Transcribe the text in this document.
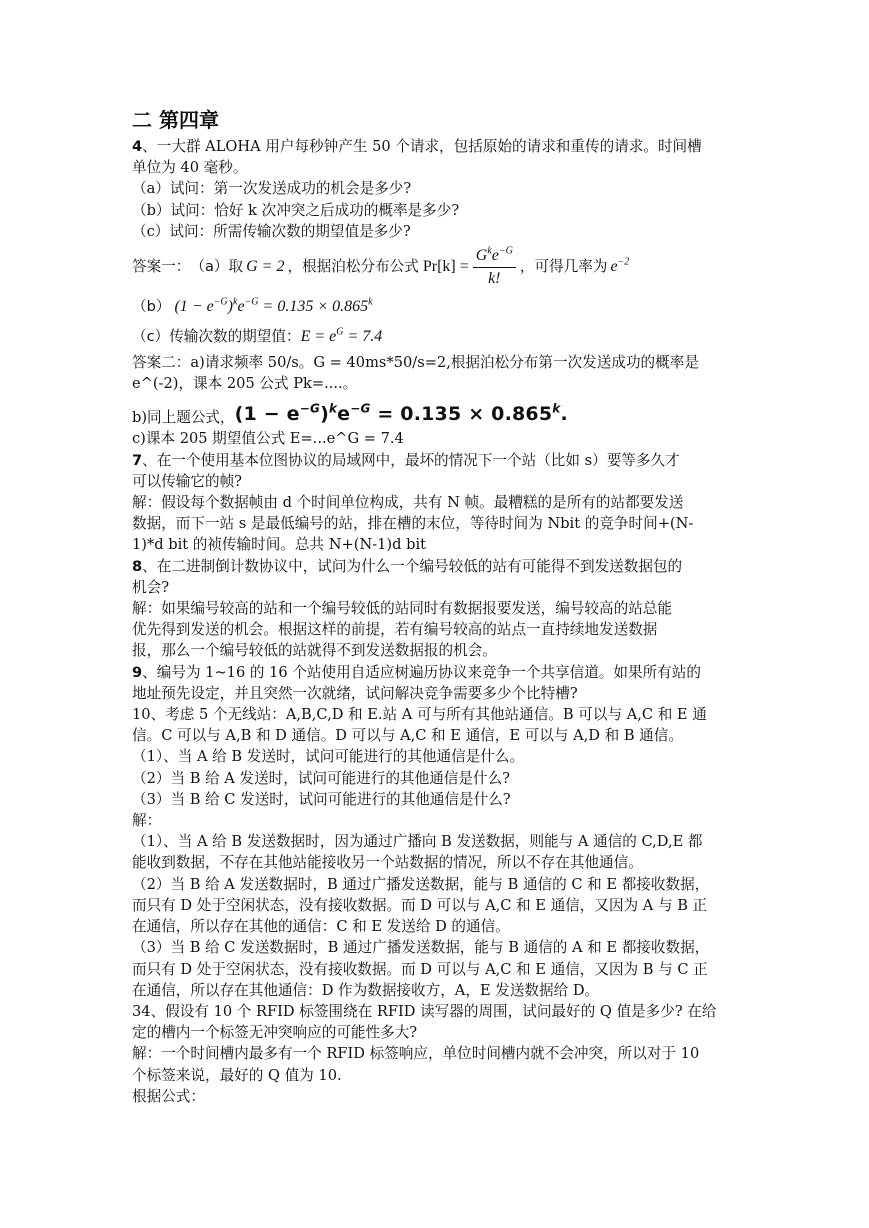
二 第四章

4、一大群 ALOHA 用户每秒钟产生 50 个请求，包括原始的请求和重传的请求。时间槽

单位为 40 毫秒。

（a）试问：第一次发送成功的机会是多少?

（b）试问：恰好 k 次冲突之后成功的概率是多少?

（c）试问：所需传输次数的期望值是多少?

答案一： （a）取 G = 2 ，根据泊松分布公式 $Pr[k] = \frac{G^ke^{-G}}{k!}$ ，可得几率为 $e^{-2}$
（b） $(1 - e^{-G})^ke^{-G} = 0.135 \times 0.865^k$
（c）传输次数的期望值： $E = e^G = 7.4$

答案二：a)请求频率 50/s。G = 40ms*50/s=2,根据泊松分布第一次发送成功的概率是

e^(-2)，课本 205 公式 Pk=....。

b)同上题公式， $(1 - e^{-G})^ke^{-G} = 0.135 \times 0.865^k$.

c)课本 205 期望值公式 E=...e^G = 7.4

7、在一个使用基本位图协议的局域网中，最坏的情况下一个站（比如 s）要等多久才

可以传输它的帧?

解：假设每个数据帧由 d 个时间单位构成，共有 N 帧。最糟糕的是所有的站都要发送

数据，而下一站 s 是最低编号的站，排在槽的末位，等待时间为 Nbit 的竞争时间+(N-

1)*d bit 的祯传输时间。总共 N+(N-1)d bit

8、在二进制倒计数协议中，试问为什么一个编号较低的站有可能得不到发送数据包的

机会?

解：如果编号较高的站和一个编号较低的站同时有数据报要发送，编号较高的站总能

优先得到发送的机会。根据这样的前提，若有编号较高的站点一直持续地发送数据

报，那么一个编号较低的站就得不到发送数据报的机会。

9、编号为 1~16 的 16 个站使用自适应树遍历协议来竞争一个共享信道。如果所有站的

地址预先设定，并且突然一次就绪，试问解决竞争需要多少个比特槽?

10、考虑 5 个无线站：A,B,C,D 和 E.站 A 可与所有其他站通信。B 可以与 A,C 和 E 通

信。C 可以与 A,B 和 D 通信。D 可以与 A,C 和 E 通信，E 可以与 A,D 和 B 通信。

（1）、当 A 给 B 发送时，试问可能进行的其他通信是什么。

（2）当 B 给 A 发送时，试问可能进行的其他通信是什么?

（3）当 B 给 C 发送时，试问可能进行的其他通信是什么?

解：

（1）、当 A 给 B 发送数据时，因为通过广播向 B 发送数据，则能与 A 通信的 C,D,E 都

能收到数据，不存在其他站能接收另一个站数据的情况，所以不存在其他通信。

（2）当 B 给 A 发送数据时，B 通过广播发送数据，能与 B 通信的 C 和 E 都接收数据，

而只有 D 处于空闲状态，没有接收数据。而 D 可以与 A,C 和 E 通信，又因为 A 与 B 正

在通信，所以存在其他的通信：C 和 E 发送给 D 的通信。

（3）当 B 给 C 发送数据时，B 通过广播发送数据，能与 B 通信的 A 和 E 都接收数据，

而只有 D 处于空闲状态，没有接收数据。而 D 可以与 A,C 和 E 通信，又因为 B 与 C 正

在通信，所以存在其他通信：D 作为数据接收方，A，E 发送数据给 D。

34、假设有 10 个 RFID 标签围绕在 RFID 读写器的周围，试问最好的 Q 值是多少? 在给

定的槽内一个标签无冲突响应的可能性多大?

解：一个时间槽内最多有一个 RFID 标签响应，单位时间槽内就不会冲突，所以对于 10

个标签来说，最好的 Q 值为 10.

根据公式：
